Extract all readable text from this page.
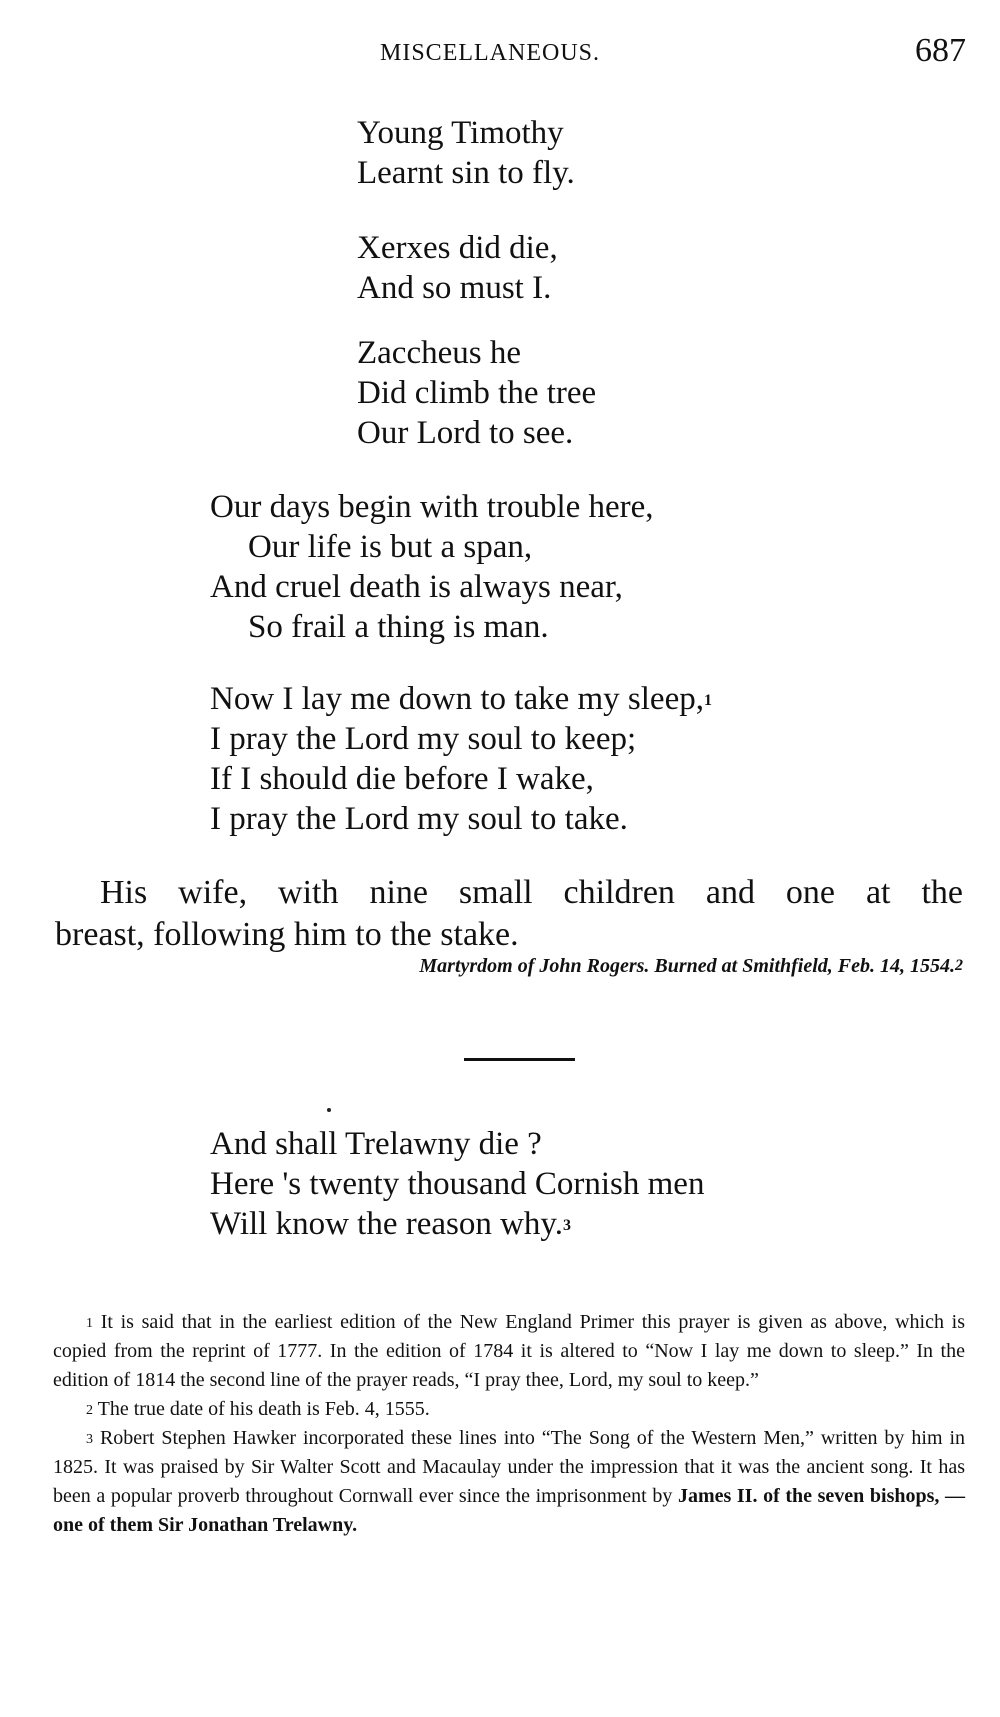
MISCELLANEOUS.	687
Young Timothy
Learnt sin to fly.
Xerxes did die,
And so must I.
Zaccheus he
Did climb the tree
Our Lord to see.
Our days begin with trouble here,
Our life is but a span,
And cruel death is always near,
So frail a thing is man.
Now I lay me down to take my sleep,$^1$
I pray the Lord my soul to keep;
If I should die before I wake,
I pray the Lord my soul to take.
His wife, with nine small children and one at the
breast, following him to the stake.
Martyrdom of John Rogers. Burned at Smithfield, Feb. 14, 1554.$^2$
And shall Trelawny die ?
Here 's twenty thousand Cornish men
Will know the reason why.$^3$

$^1$ It is said that in the earliest edition of the New England Primer this prayer is given as above, which is copied from the reprint of 1777. In the edition of 1784 it is altered to “Now I lay me down to sleep.” In the edition of 1814 the second line of the prayer reads, “I pray thee, Lord, my soul to keep.”

$^2$ The true date of his death is Feb. 4, 1555.

$^3$ Robert Stephen Hawker incorporated these lines into “The Song of the Western Men,” written by him in 1825. It was praised by Sir Walter Scott and Macaulay under the impression that it was the ancient song. It has been a popular proverb throughout Cornwall ever since the imprisonment by James II. of the seven bishops, —one of them Sir Jonathan Trelawny.
